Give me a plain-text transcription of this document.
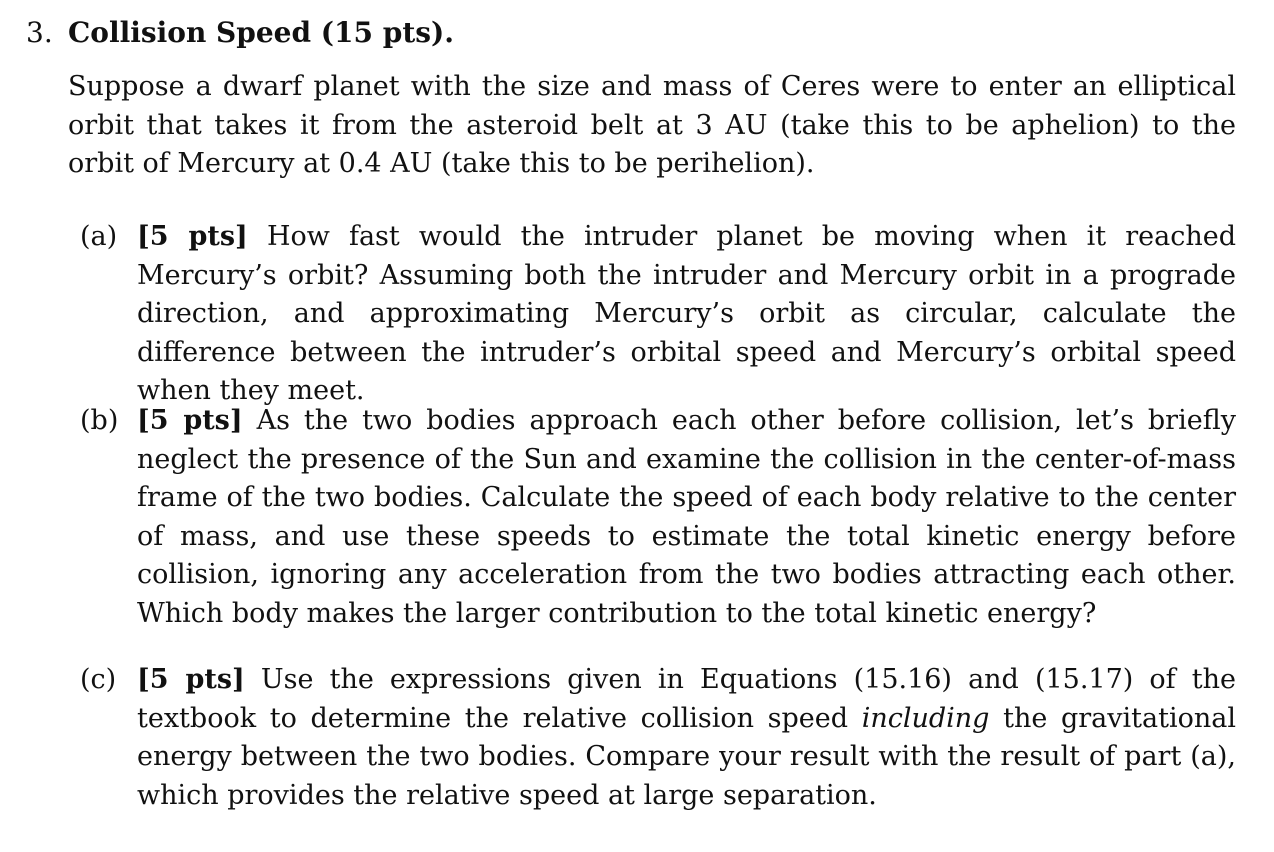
3. Collision Speed (15 pts).
Suppose a dwarf planet with the size and mass of Ceres were to enter an elliptical orbit that takes it from the asteroid belt at 3 AU (take this to be aphelion) to the orbit of Mercury at 0.4 AU (take this to be perihelion).
(a) [5 pts] How fast would the intruder planet be moving when it reached Mercury’s orbit? Assuming both the intruder and Mercury orbit in a prograde direction, and approximating Mercury’s orbit as circular, calculate the difference between the intruder’s orbital speed and Mercury’s orbital speed when they meet.
(b) [5 pts] As the two bodies approach each other before collision, let’s briefly neglect the presence of the Sun and examine the collision in the center-of-mass frame of the two bodies. Calculate the speed of each body relative to the center of mass, and use these speeds to estimate the total kinetic energy before collision, ignoring any acceleration from the two bodies attracting each other. Which body makes the larger contribution to the total kinetic energy?
(c) [5 pts] Use the expressions given in Equations (15.16) and (15.17) of the textbook to determine the relative collision speed including the gravitational energy between the two bodies. Compare your result with the result of part (a), which provides the relative speed at large separation.
